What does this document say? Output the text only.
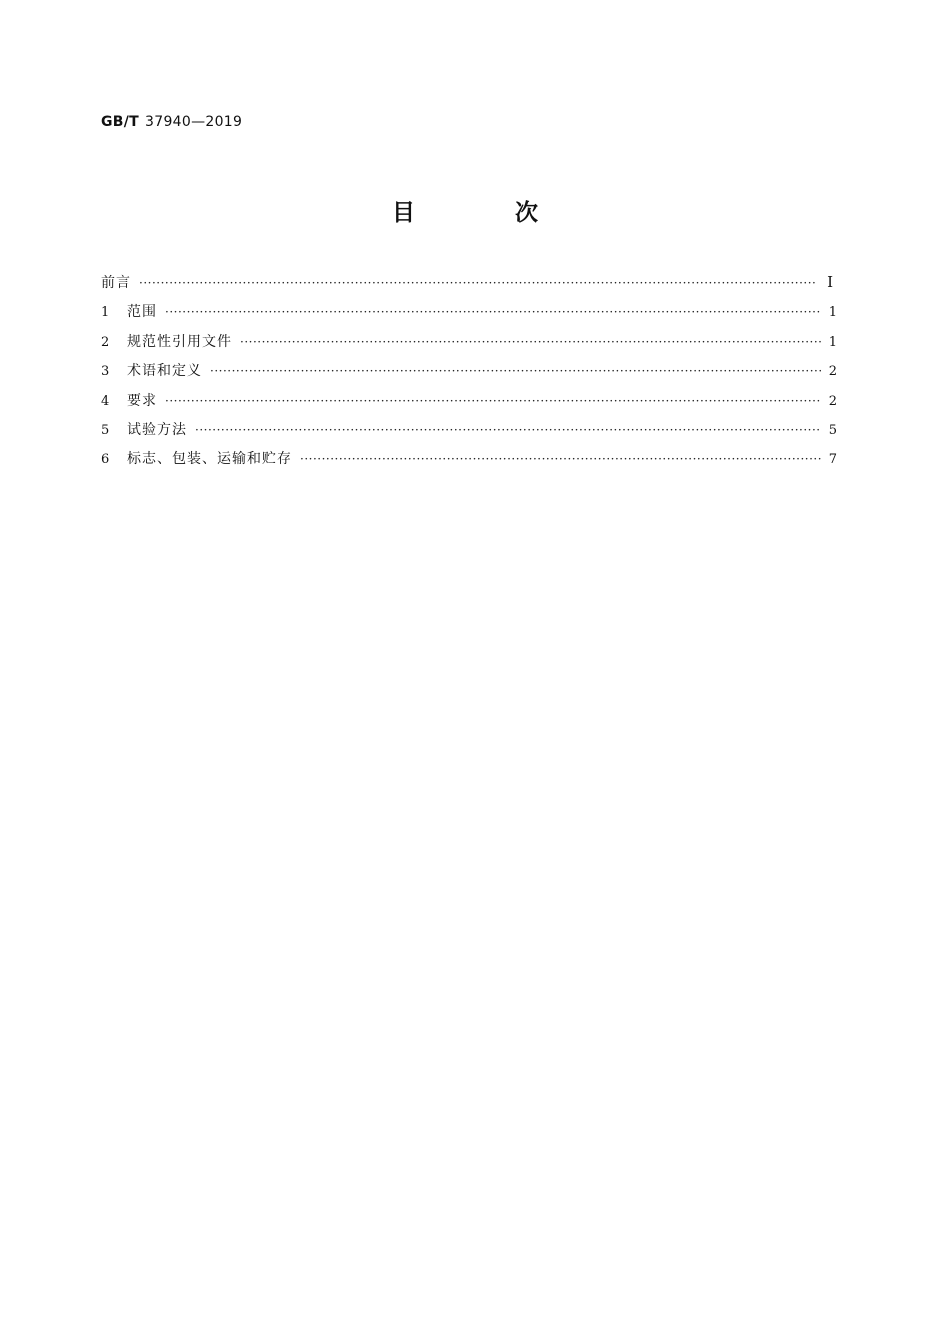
GB/T 37940—2019
目 次
前言 ·····	Ⅰ
1	范围 ·····	1
2	规范性引用文件 ·····	1
3	术语和定义 ·····	2
4	要求 ·····	2
5	试验方法 ·····	5
6	标志、包装、运输和贮存 ·····	7
